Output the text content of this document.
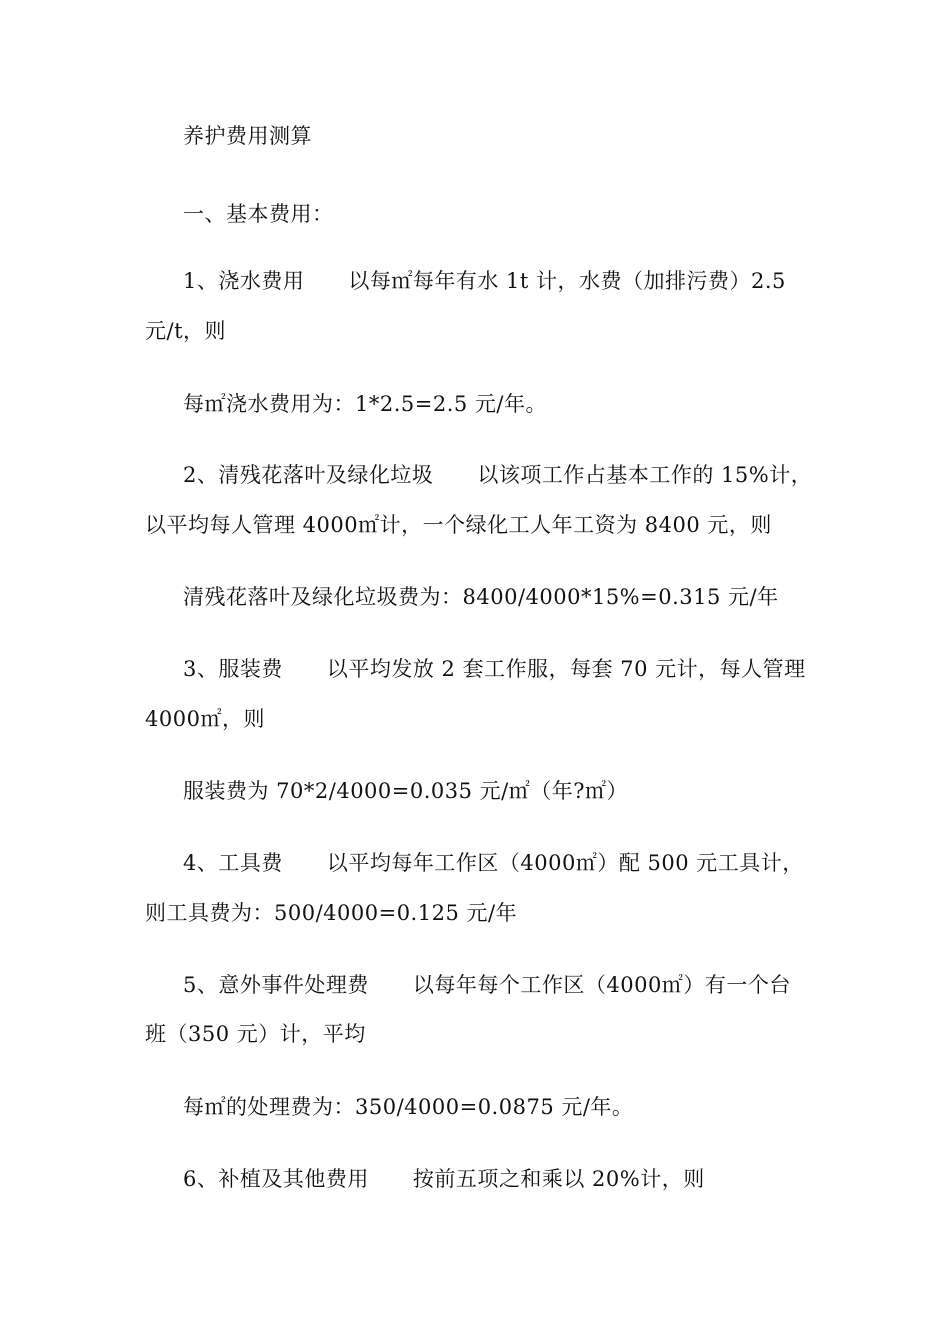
养护费用测算
一、基本费用：
1、浇水费用 以每㎡每年有水 1t 计，水费（加排污费）2.5
元/t，则
每㎡浇水费用为：1*2.5=2.5 元/年。
2、清残花落叶及绿化垃圾 以该项工作占基本工作的 15%计，
以平均每人管理 4000㎡计，一个绿化工人年工资为 8400 元，则
清残花落叶及绿化垃圾费为：8400/4000*15%=0.315 元/年
3、服装费 以平均发放 2 套工作服，每套 70 元计，每人管理
4000㎡，则
服装费为 70*2/4000=0.035 元/㎡（年?㎡）
4、工具费 以平均每年工作区（4000㎡）配 500 元工具计，
则工具费为：500/4000=0.125 元/年
5、意外事件处理费 以每年每个工作区（4000㎡）有一个台
班（350 元）计，平均
每㎡的处理费为：350/4000=0.0875 元/年。
6、补植及其他费用 按前五项之和乘以 20%计，则
